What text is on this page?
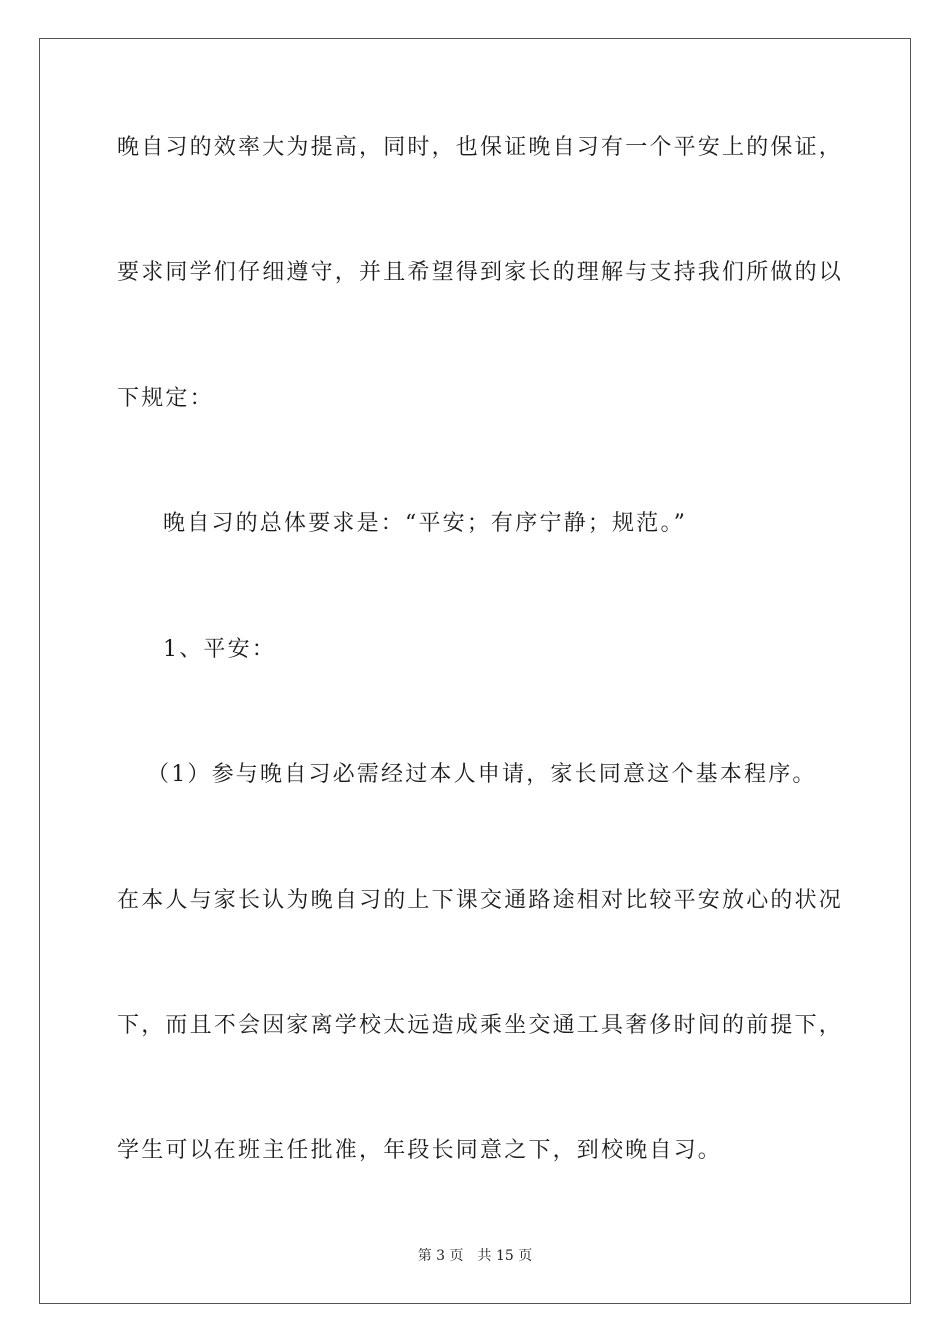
晚自习的效率大为提高，同时，也保证晚自习有一个平安上的保证，
要求同学们仔细遵守，并且希望得到家长的理解与支持我们所做的以
下规定：
晚自习的总体要求是：“平安；有序宁静；规范。”
1、平安：
（1）参与晚自习必需经过本人申请，家长同意这个基本程序。
在本人与家长认为晚自习的上下课交通路途相对比较平安放心的状况
下，而且不会因家离学校太远造成乘坐交通工具奢侈时间的前提下，
学生可以在班主任批准，年段长同意之下，到校晚自习。
第 3 页 共 15 页
